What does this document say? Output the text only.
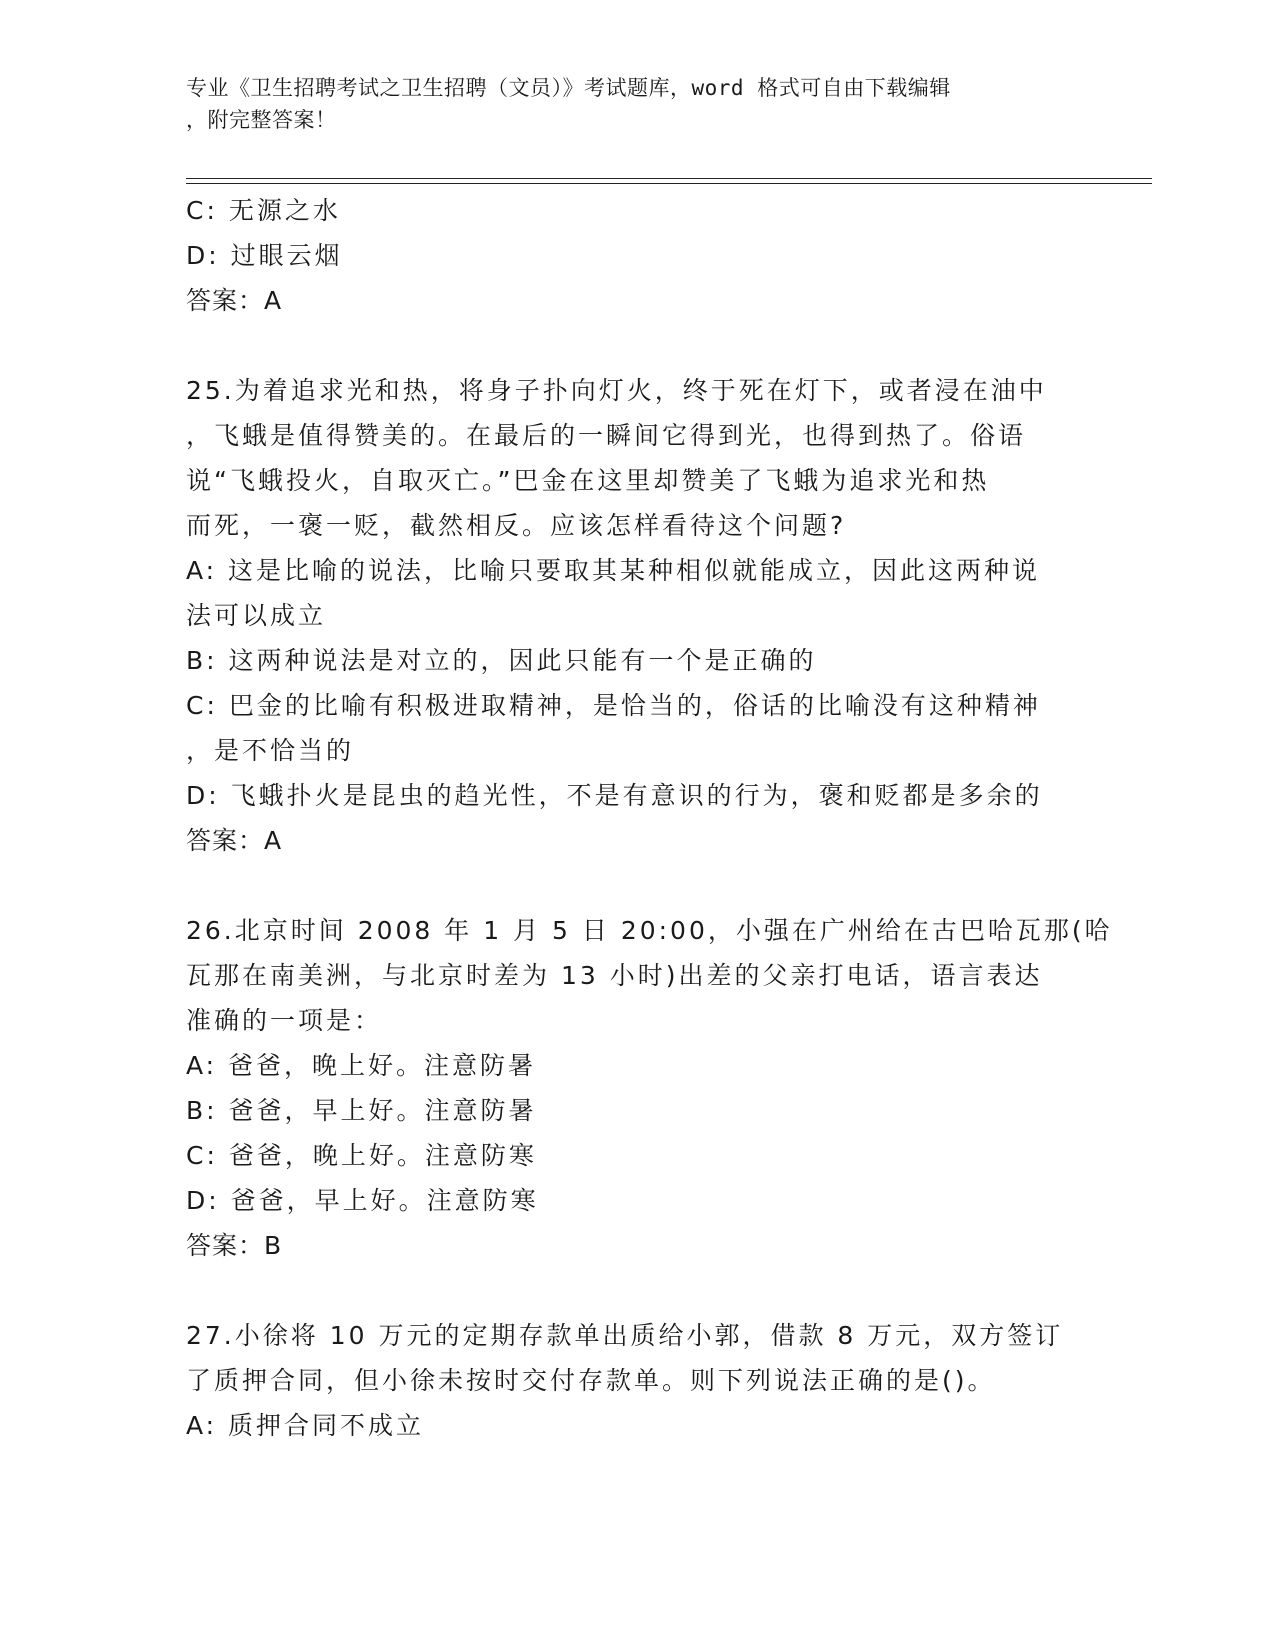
专业《卫生招聘考试之卫生招聘（文员）》考试题库，word 格式可自由下载编辑
，附完整答案！
C: 无源之水
D: 过眼云烟
答案：A
25.为着追求光和热，将身子扑向灯火，终于死在灯下，或者浸在油中
，飞蛾是值得赞美的。在最后的一瞬间它得到光，也得到热了。俗语
说“飞蛾投火，自取灭亡。”巴金在这里却赞美了飞蛾为追求光和热
而死，一褒一贬，截然相反。应该怎样看待这个问题?
A: 这是比喻的说法，比喻只要取其某种相似就能成立，因此这两种说
法可以成立
B: 这两种说法是对立的，因此只能有一个是正确的
C: 巴金的比喻有积极进取精神，是恰当的，俗话的比喻没有这种精神
，是不恰当的
D: 飞蛾扑火是昆虫的趋光性，不是有意识的行为，褒和贬都是多余的
答案：A
26.北京时间 2008 年 1 月 5 日 20:00，小强在广州给在古巴哈瓦那(哈
瓦那在南美洲，与北京时差为 13 小时)出差的父亲打电话，语言表达
准确的一项是：
A: 爸爸，晚上好。注意防暑
B: 爸爸，早上好。注意防暑
C: 爸爸，晚上好。注意防寒
D: 爸爸，早上好。注意防寒
答案：B
27.小徐将 10 万元的定期存款单出质给小郭，借款 8 万元，双方签订
了质押合同，但小徐未按时交付存款单。则下列说法正确的是()。
A: 质押合同不成立
